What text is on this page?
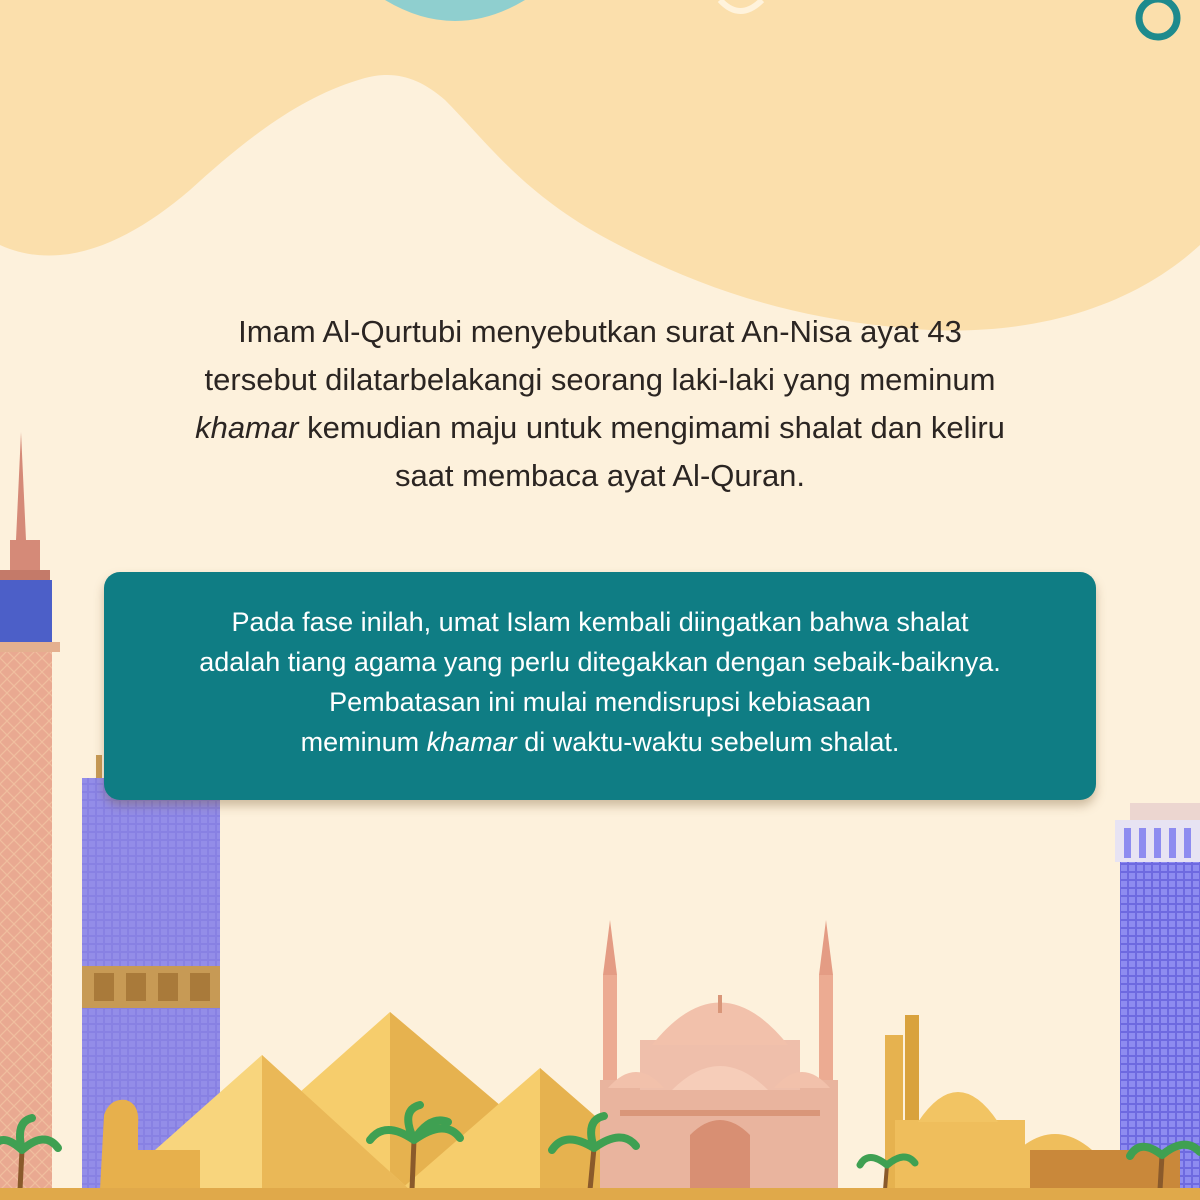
Imam Al-Qurtubi menyebutkan surat An-Nisa ayat 43

tersebut dilatarbelakangi seorang laki-laki yang meminum

khamar kemudian maju untuk mengimami shalat dan keliru

saat membaca ayat Al-Quran.

Pada fase inilah, umat Islam kembali diingatkan bahwa shalat

adalah tiang agama yang perlu ditegakkan dengan sebaik-baiknya.

Pembatasan ini mulai mendisrupsi kebiasaan

meminum khamar di waktu-waktu sebelum shalat.
